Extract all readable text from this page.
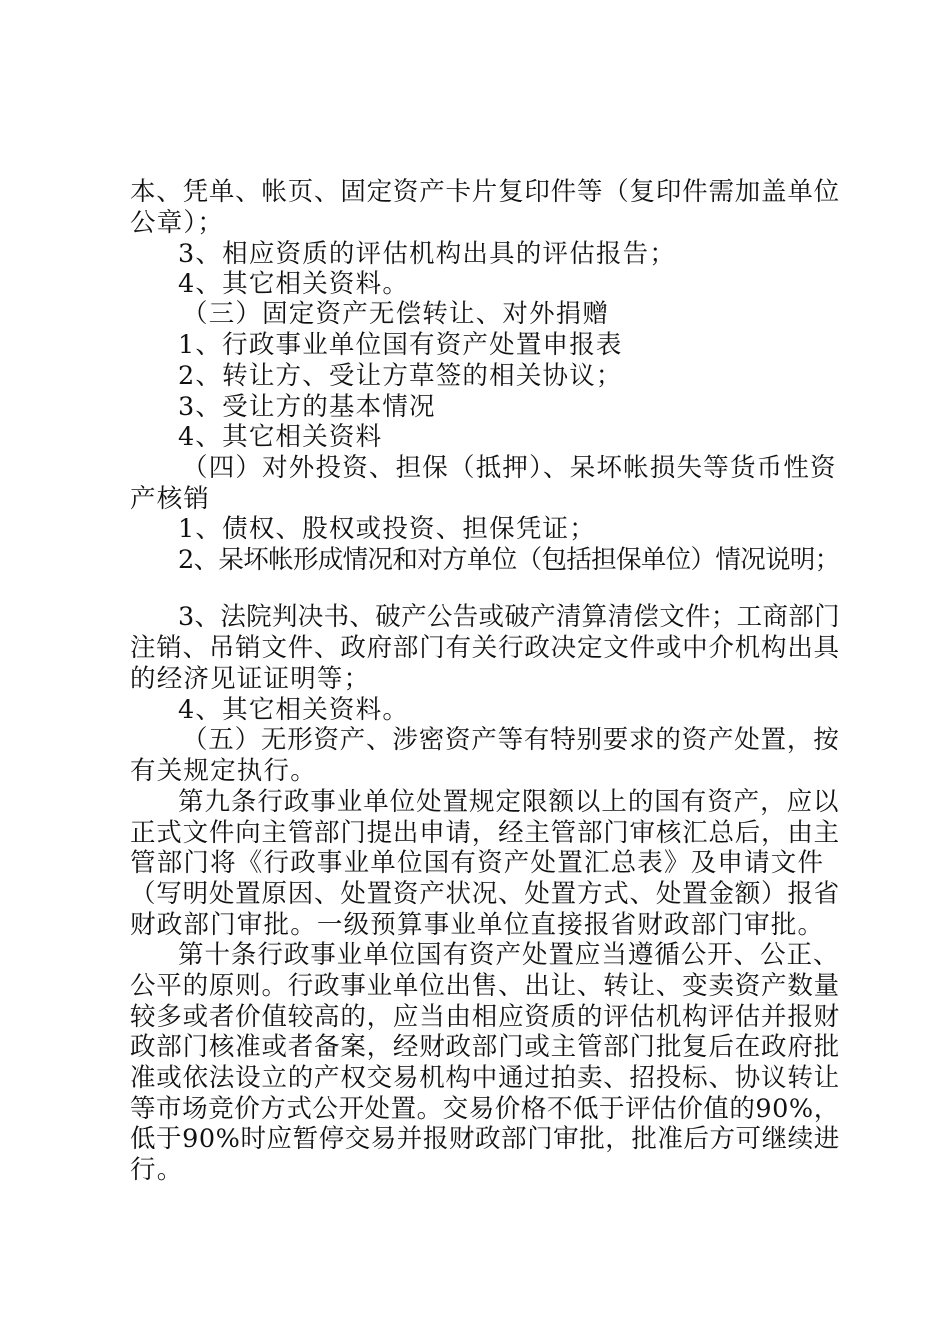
本、凭单、帐页、固定资产卡片复印件等（复印件需加盖单位
公章）；
3、相应资质的评估机构出具的评估报告；
4、其它相关资料。
（三）固定资产无偿转让、对外捐赠
1、行政事业单位国有资产处置申报表
2、转让方、受让方草签的相关协议；
3、受让方的基本情况
4、其它相关资料
（四）对外投资、担保（抵押）、呆坏帐损失等货币性资
产核销
1、债权、股权或投资、担保凭证；
2、呆坏帐形成情况和对方单位（包括担保单位）情况说明；
3、法院判决书、破产公告或破产清算清偿文件；工商部门
注销、吊销文件、政府部门有关行政决定文件或中介机构出具
的经济见证证明等；
4、其它相关资料。
（五）无形资产、涉密资产等有特别要求的资产处置，按
有关规定执行。
第九条行政事业单位处置规定限额以上的国有资产，应以
正式文件向主管部门提出申请，经主管部门审核汇总后，由主
管部门将《行政事业单位国有资产处置汇总表》及申请文件
（写明处置原因、处置资产状况、处置方式、处置金额）报省
财政部门审批。一级预算事业单位直接报省财政部门审批。
第十条行政事业单位国有资产处置应当遵循公开、公正、
公平的原则。行政事业单位出售、出让、转让、变卖资产数量
较多或者价值较高的，应当由相应资质的评估机构评估并报财
政部门核准或者备案，经财政部门或主管部门批复后在政府批
准或依法设立的产权交易机构中通过拍卖、招投标、协议转让
等市场竞价方式公开处置。交易价格不低于评估价值的90%，
低于90%时应暂停交易并报财政部门审批，批准后方可继续进
行。
